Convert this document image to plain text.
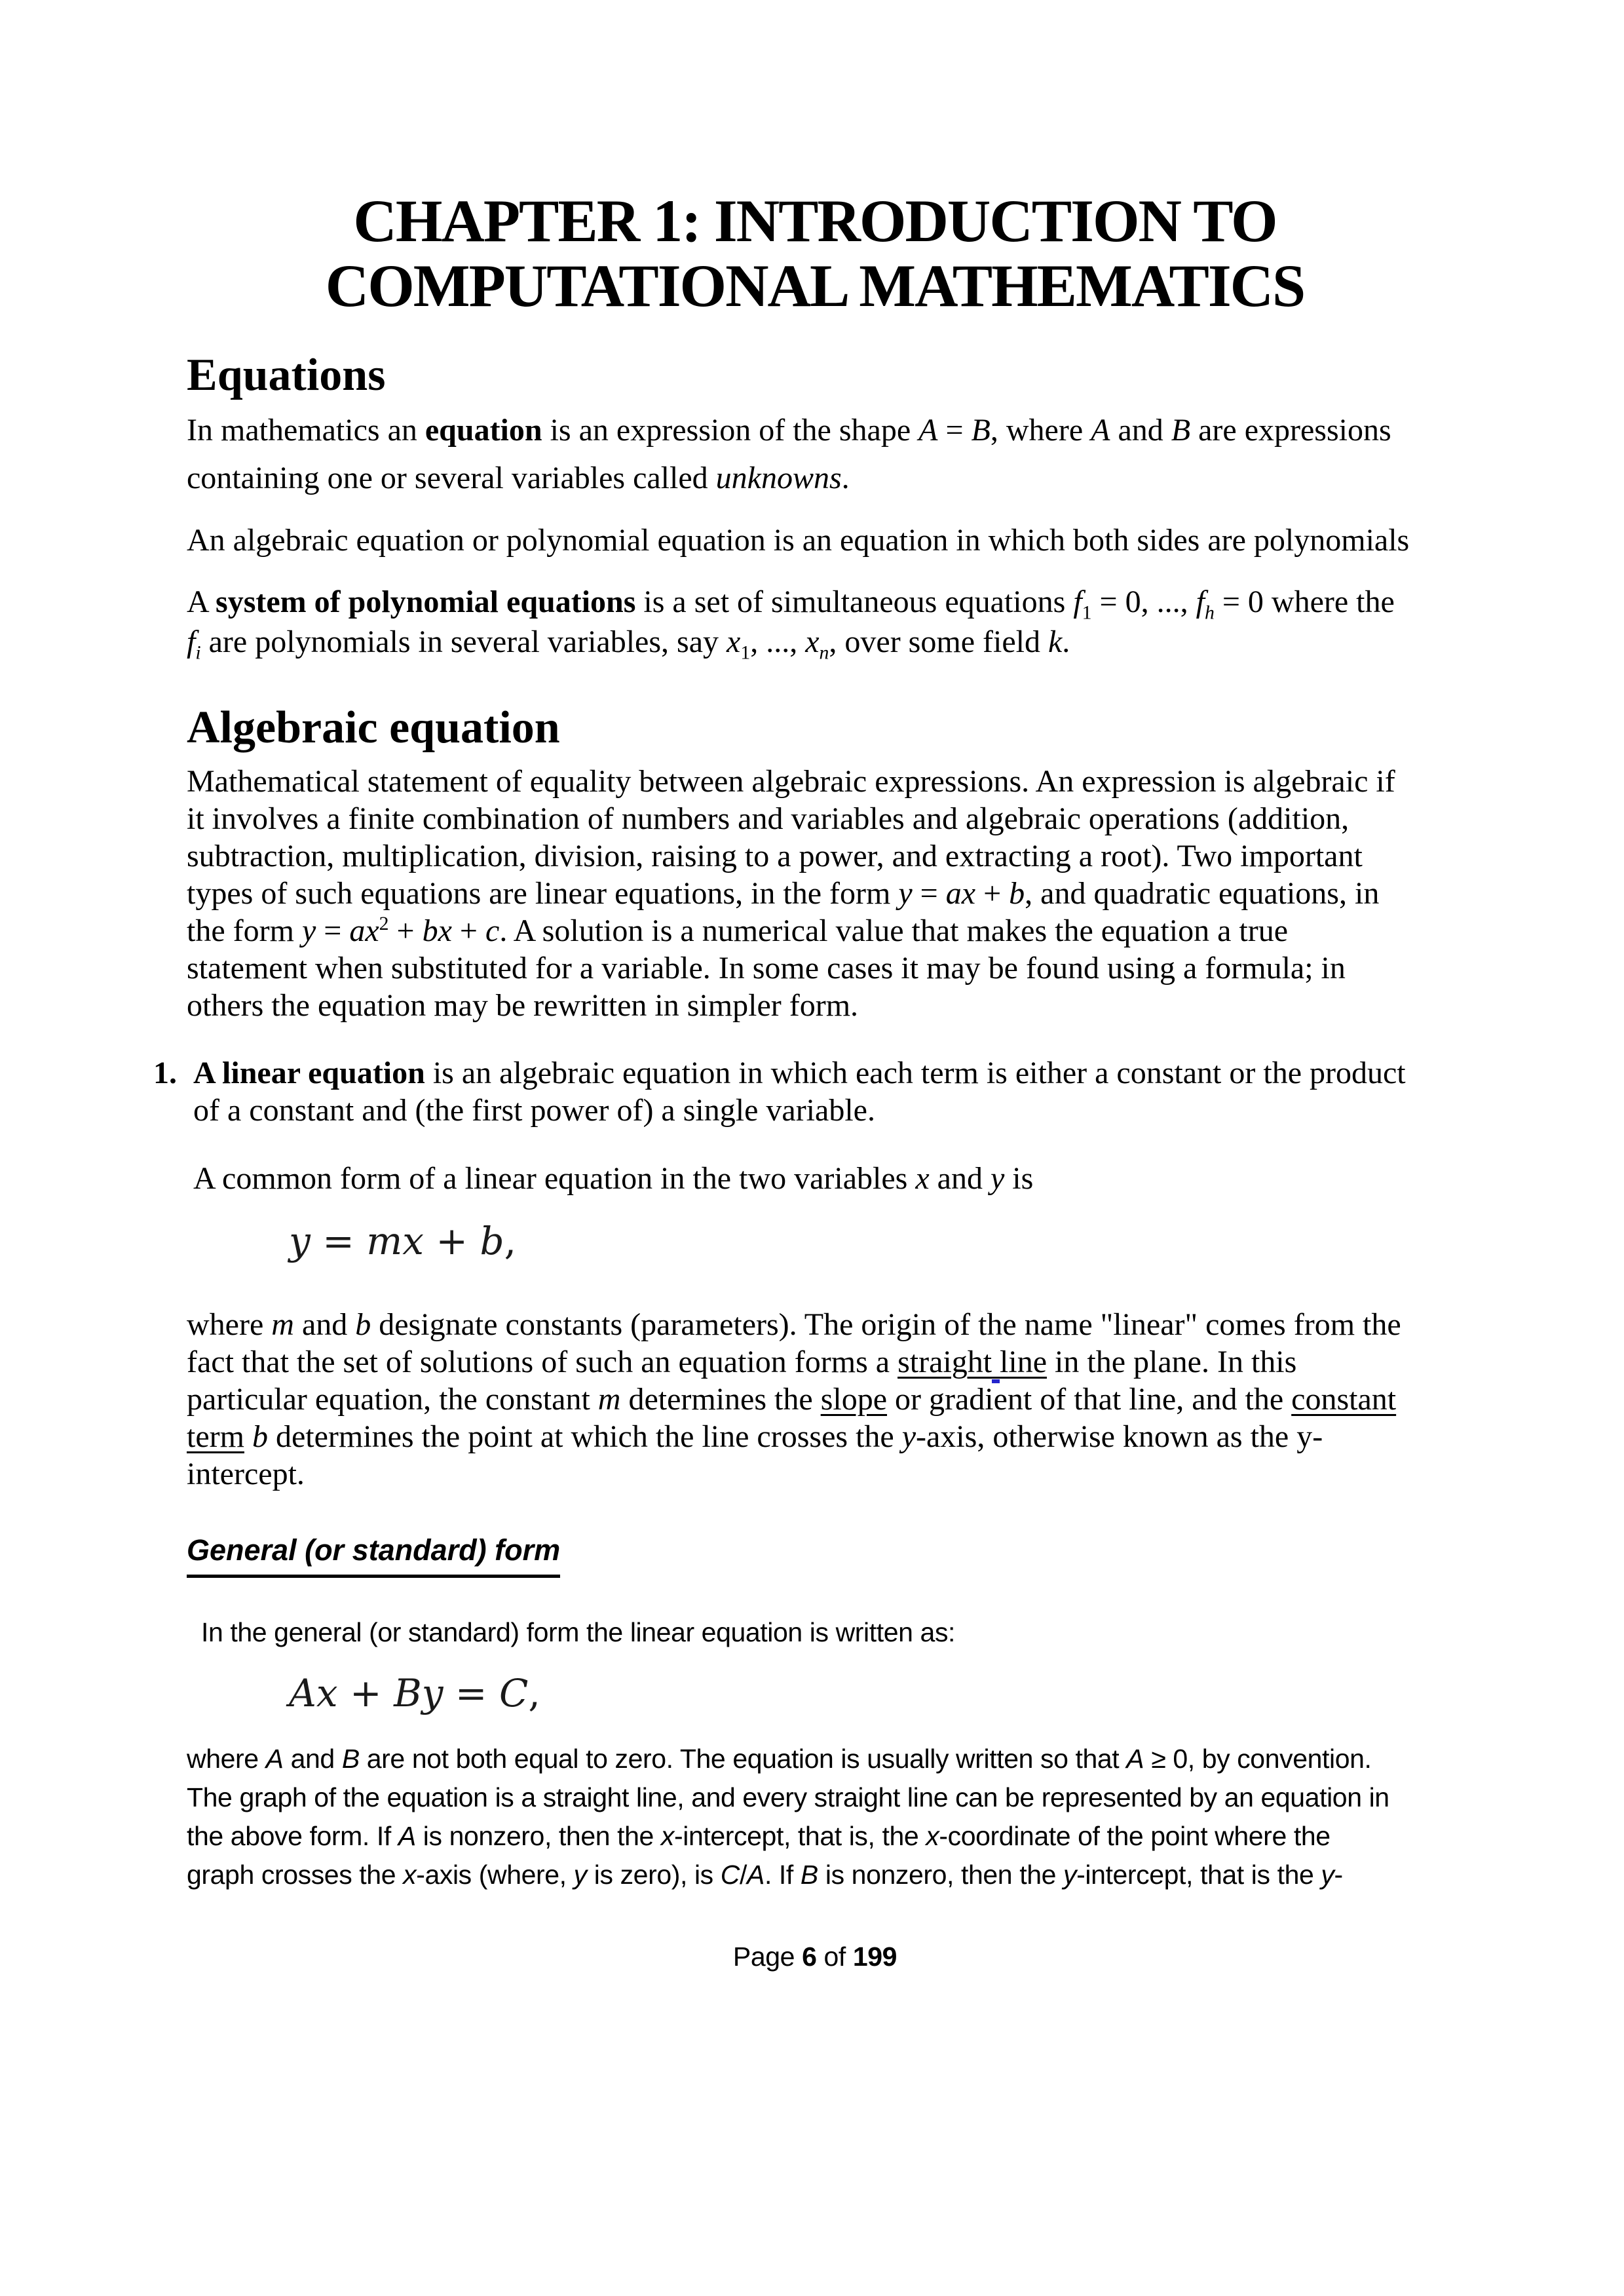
CHAPTER 1: INTRODUCTION TO
COMPUTATIONAL MATHEMATICS
Equations
In mathematics an equation is an expression of the shape A = B, where A and B are expressions
containing one or several variables called unknowns.
An algebraic equation or polynomial equation is an equation in which both sides are polynomials
A system of polynomial equations is a set of simultaneous equations $f_1 = 0$, ..., $f_h = 0$ where the
$f_i$ are polynomials in several variables, say $x_1$, ..., $x_n$, over some field k.
Algebraic equation
Mathematical statement of equality between algebraic expressions. An expression is algebraic if
it involves a finite combination of numbers and variables and algebraic operations (addition,
subtraction, multiplication, division, raising to a power, and extracting a root). Two important
types of such equations are linear equations, in the form y = ax + b, and quadratic equations, in
the form $y = ax^2$ + bx + c. A solution is a numerical value that makes the equation a true
statement when substituted for a variable. In some cases it may be found using a formula; in
others the equation may be rewritten in simpler form.
1. A linear equation is an algebraic equation in which each term is either a constant or the product
of a constant and (the first power of) a single variable.
A common form of a linear equation in the two variables x and y is
y = mx + b,
where m and b designate constants (parameters). The origin of the name "linear" comes from the
fact that the set of solutions of such an equation forms a straight line in the plane. In this
particular equation, the constant m determines the slope or gradient of that line, and the constant
term b determines the point at which the line crosses the y-axis, otherwise known as the y-
intercept.
General (or standard) form
In the general (or standard) form the linear equation is written as:
Ax + By = C,
where A and B are not both equal to zero. The equation is usually written so that A ≥ 0, by convention.
The graph of the equation is a straight line, and every straight line can be represented by an equation in
the above form. If A is nonzero, then the x-intercept, that is, the x-coordinate of the point where the
graph crosses the x-axis (where, y is zero), is C/A. If B is nonzero, then the y-intercept, that is the y-
Page 6 of 199
